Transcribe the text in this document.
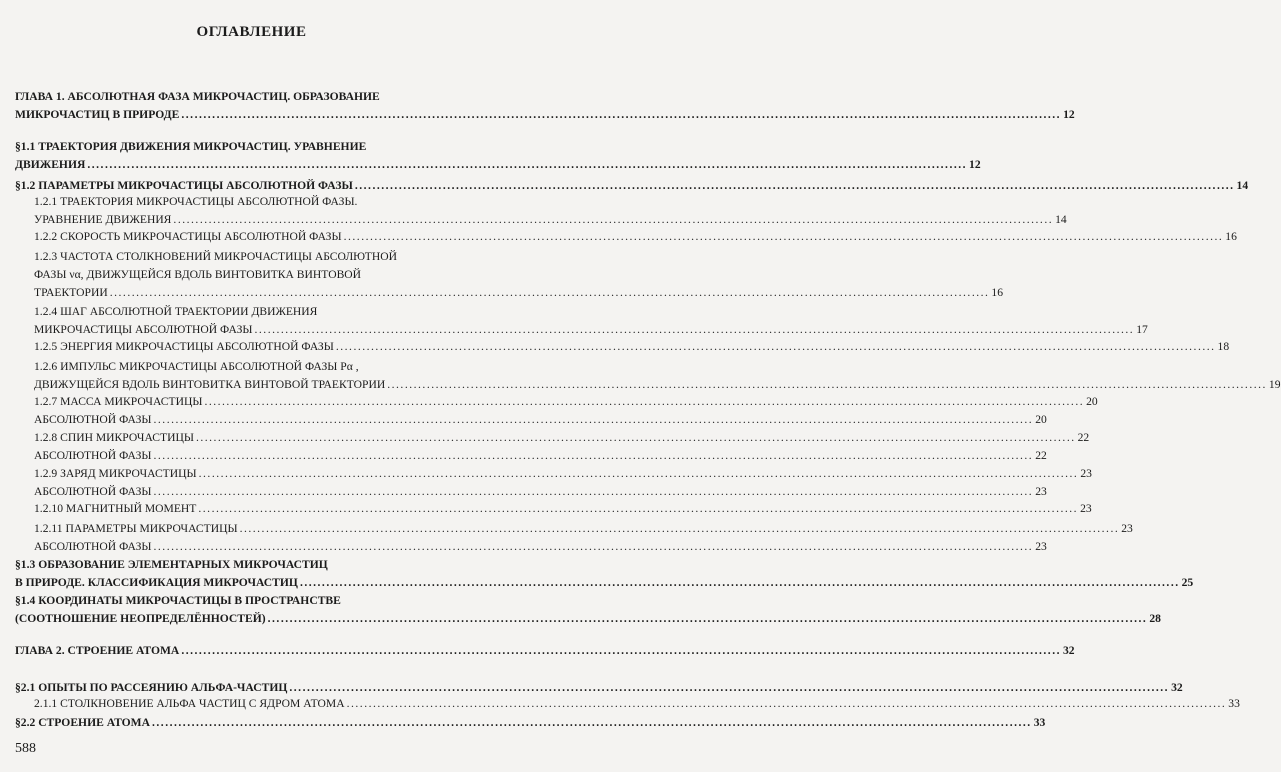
ОГЛАВЛЕНИЕ
ГЛАВА 1. АБСОЛЮТНАЯ ФАЗА МИКРОЧАСТИЦ. ОБРАЗОВАНИЕ
МИКРОЧАСТИЦ В ПРИРОДЕ ........................................................................................................................................................................................................ 12
§1.1 ТРАЕКТОРИЯ ДВИЖЕНИЯ МИКРОЧАСТИЦ. УРАВНЕНИЕ
ДВИЖЕНИЯ ........................................................................................................................................................................................................ 12
§1.2 ПАРАМЕТРЫ МИКРОЧАСТИЦЫ АБСОЛЮТНОЙ ФАЗЫ ........................................................................................................................................................................................................ 14
1.2.1 ТРАЕКТОРИЯ МИКРОЧАСТИЦЫ АБСОЛЮТНОЙ ФАЗЫ.
УРАВНЕНИЕ ДВИЖЕНИЯ ........................................................................................................................................................................................................ 14
1.2.2 СКОРОСТЬ МИКРОЧАСТИЦЫ АБСОЛЮТНОЙ ФАЗЫ ........................................................................................................................................................................................................ 16
1.2.3 ЧАСТОТА СТОЛКНОВЕНИЙ МИКРОЧАСТИЦЫ АБСОЛЮТНОЙ
ФАЗЫ να, ДВИЖУЩЕЙСЯ ВДОЛЬ ВИНТОВИТКА ВИНТОВОЙ
ТРАЕКТОРИИ ........................................................................................................................................................................................................ 16
1.2.4 ШАГ АБСОЛЮТНОЙ ТРАЕКТОРИИ ДВИЖЕНИЯ
МИКРОЧАСТИЦЫ АБСОЛЮТНОЙ ФАЗЫ ........................................................................................................................................................................................................ 17
1.2.5 ЭНЕРГИЯ МИКРОЧАСТИЦЫ АБСОЛЮТНОЙ ФАЗЫ ........................................................................................................................................................................................................ 18
1.2.6 ИМПУЛЬС МИКРОЧАСТИЦЫ АБСОЛЮТНОЙ ФАЗЫ Pα ,
ДВИЖУЩЕЙСЯ ВДОЛЬ ВИНТОВИТКА ВИНТОВОЙ ТРАЕКТОРИИ ........................................................................................................................................................................................................ 19
1.2.7 МАССА МИКРОЧАСТИЦЫ ........................................................................................................................................................................................................ 20
АБСОЛЮТНОЙ ФАЗЫ ........................................................................................................................................................................................................ 20
1.2.8 СПИН МИКРОЧАСТИЦЫ ........................................................................................................................................................................................................ 22
АБСОЛЮТНОЙ ФАЗЫ ........................................................................................................................................................................................................ 22
1.2.9 ЗАРЯД МИКРОЧАСТИЦЫ ........................................................................................................................................................................................................ 23
АБСОЛЮТНОЙ ФАЗЫ ........................................................................................................................................................................................................ 23
1.2.10 МАГНИТНЫЙ МОМЕНТ ........................................................................................................................................................................................................ 23
1.2.11 ПАРАМЕТРЫ МИКРОЧАСТИЦЫ ........................................................................................................................................................................................................ 23
АБСОЛЮТНОЙ ФАЗЫ ........................................................................................................................................................................................................ 23
§1.3 ОБРАЗОВАНИЕ ЭЛЕМЕНТАРНЫХ МИКРОЧАСТИЦ
В ПРИРОДЕ. КЛАССИФИКАЦИЯ МИКРОЧАСТИЦ ........................................................................................................................................................................................................ 25
§1.4 КООРДИНАТЫ МИКРОЧАСТИЦЫ В ПРОСТРАНСТВЕ
(СООТНОШЕНИЕ НЕОПРЕДЕЛЁННОСТЕЙ) ........................................................................................................................................................................................................ 28
ГЛАВА 2. СТРОЕНИЕ АТОМА ........................................................................................................................................................................................................ 32
§2.1 ОПЫТЫ ПО РАССЕЯНИЮ АЛЬФА-ЧАСТИЦ ........................................................................................................................................................................................................ 32
2.1.1 СТОЛКНОВЕНИЕ АЛЬФА ЧАСТИЦ С ЯДРОМ АТОМА ........................................................................................................................................................................................................ 33
§2.2 СТРОЕНИЕ АТОМА ........................................................................................................................................................................................................ 33
588
